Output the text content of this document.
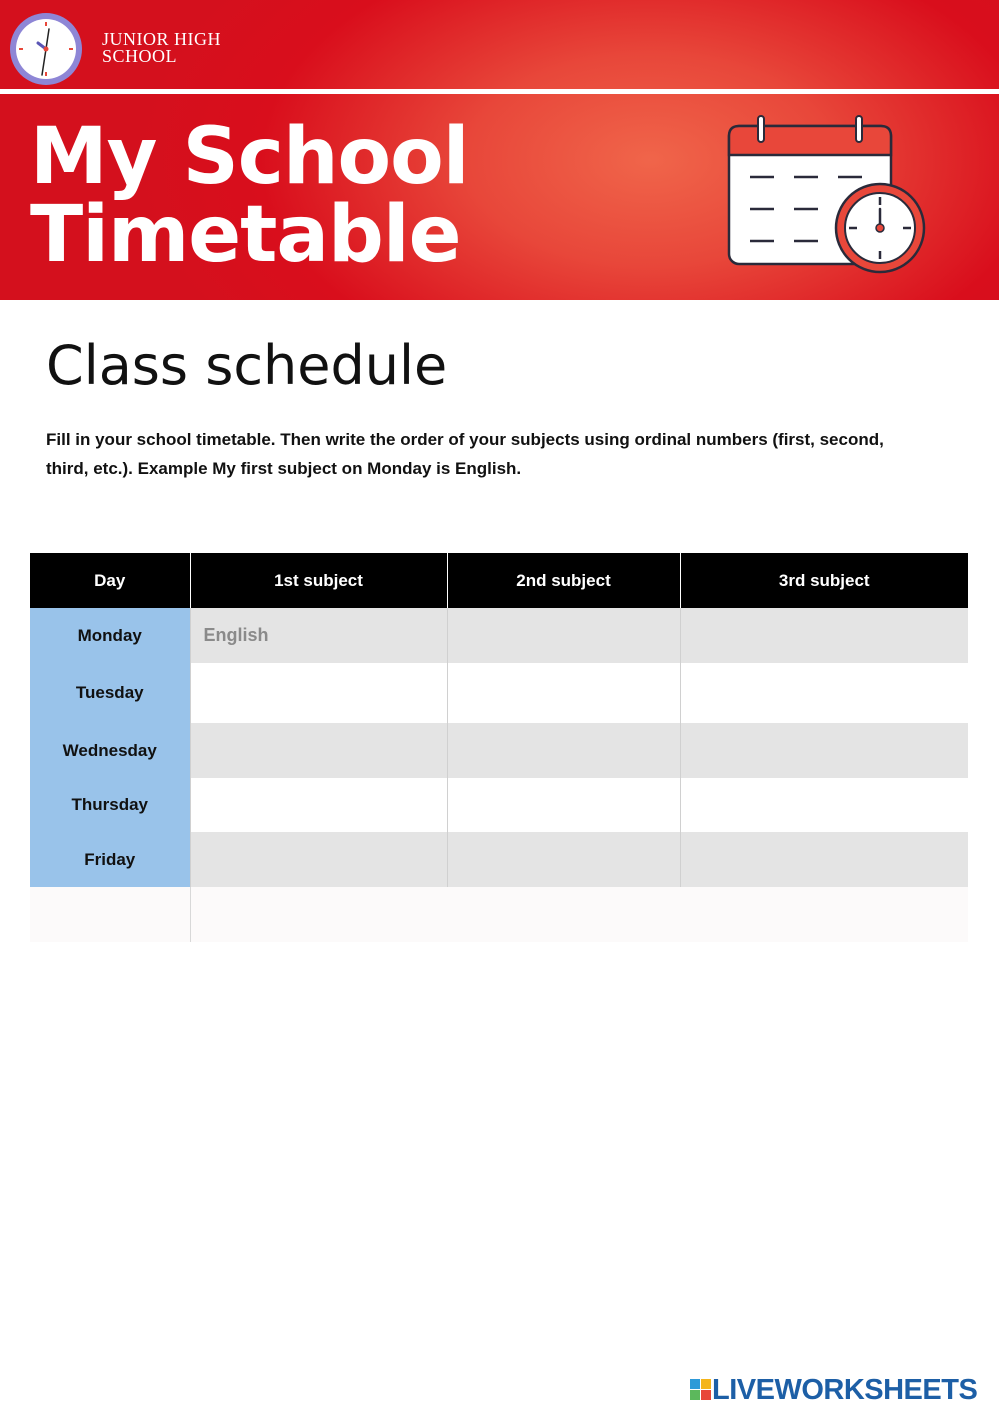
JUNIOR HIGH
SCHOOL
My School
Timetable
Class schedule
Fill in your school timetable. Then write the order of your subjects using ordinal numbers (first, second, third, etc.). Example My first subject on Monday is English.
Day	1st subject	2nd subject	3rd subject
Monday	English		
Tuesday			
Wednesday			
Thursday			
Friday			

LIVEWORKSHEETS
